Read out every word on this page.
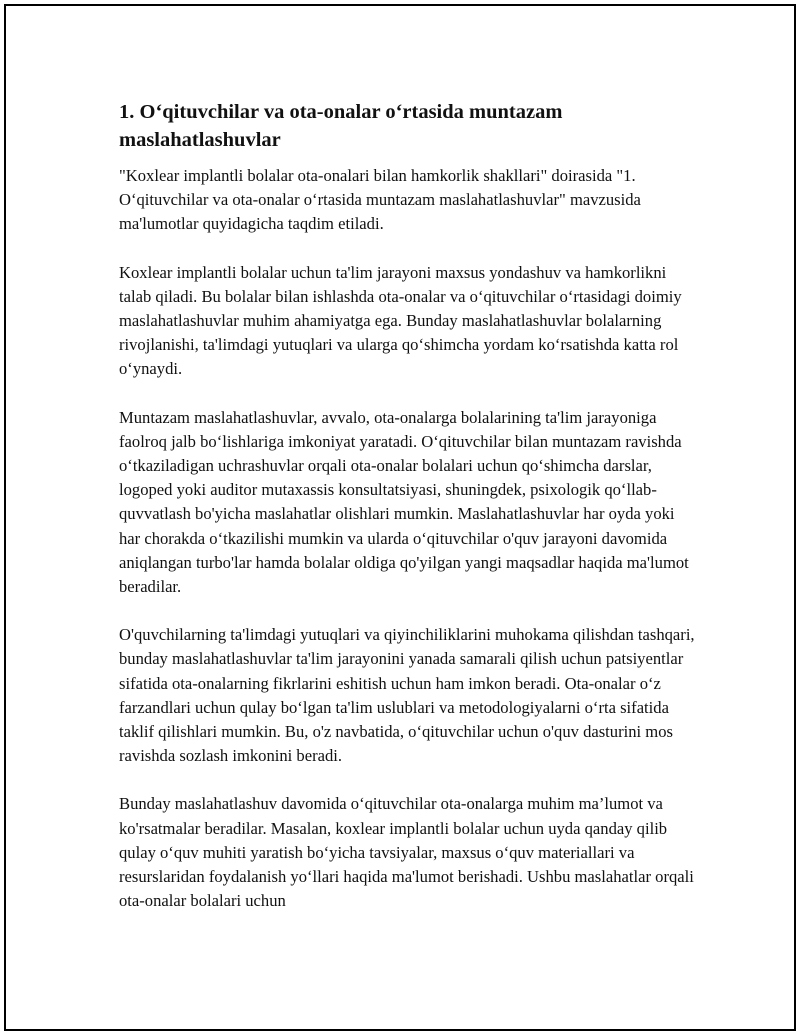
1. O‘qituvchilar va ota-onalar o‘rtasida muntazam maslahatlashuvlar

"Koxlear implantli bolalar ota-onalari bilan hamkorlik shakllari" doirasida "1. O‘qituvchilar va ota-onalar o‘rtasida muntazam maslahatlashuvlar" mavzusida ma'lumotlar quyidagicha taqdim etiladi.

Koxlear implantli bolalar uchun ta'lim jarayoni maxsus yondashuv va hamkorlikni talab qiladi. Bu bolalar bilan ishlashda ota-onalar va o‘qituvchilar o‘rtasidagi doimiy maslahatlashuvlar muhim ahamiyatga ega. Bunday maslahatlashuvlar bolalarning rivojlanishi, ta'limdagi yutuqlari va ularga qo‘shimcha yordam ko‘rsatishda katta rol o‘ynaydi.

Muntazam maslahatlashuvlar, avvalo, ota-onalarga bolalarining ta'lim jarayoniga faolroq jalb bo‘lishlariga imkoniyat yaratadi. O‘qituvchilar bilan muntazam ravishda o‘tkaziladigan uchrashuvlar orqali ota-onalar bolalari uchun qo‘shimcha darslar, logoped yoki auditor mutaxassis konsultatsiyasi, shuningdek, psixologik qo‘llab-quvvatlash bo'yicha maslahatlar olishlari mumkin. Maslahatlashuvlar har oyda yoki har chorakda o‘tkazilishi mumkin va ularda o‘qituvchilar o'quv jarayoni davomida aniqlangan turbo'lar hamda bolalar oldiga qo'yilgan yangi maqsadlar haqida ma'lumot beradilar.

O'quvchilarning ta'limdagi yutuqlari va qiyinchiliklarini muhokama qilishdan tashqari, bunday maslahatlashuvlar ta'lim jarayonini yanada samarali qilish uchun patsiyentlar sifatida ota-onalarning fikrlarini eshitish uchun ham imkon beradi. Ota-onalar o‘z farzandlari uchun qulay bo‘lgan ta'lim uslublari va metodologiyalarni o‘rta sifatida taklif qilishlari mumkin. Bu, o'z navbatida, o‘qituvchilar uchun o'quv dasturini mos ravishda sozlash imkonini beradi.

Bunday maslahatlashuv davomida o‘qituvchilar ota-onalarga muhim ma’lumot va ko'rsatmalar beradilar. Masalan, koxlear implantli bolalar uchun uyda qanday qilib qulay o‘quv muhiti yaratish bo‘yicha tavsiyalar, maxsus o‘quv materiallari va resurslaridan foydalanish yo‘llari haqida ma'lumot berishadi. Ushbu maslahatlar orqali ota-onalar bolalari uchun
